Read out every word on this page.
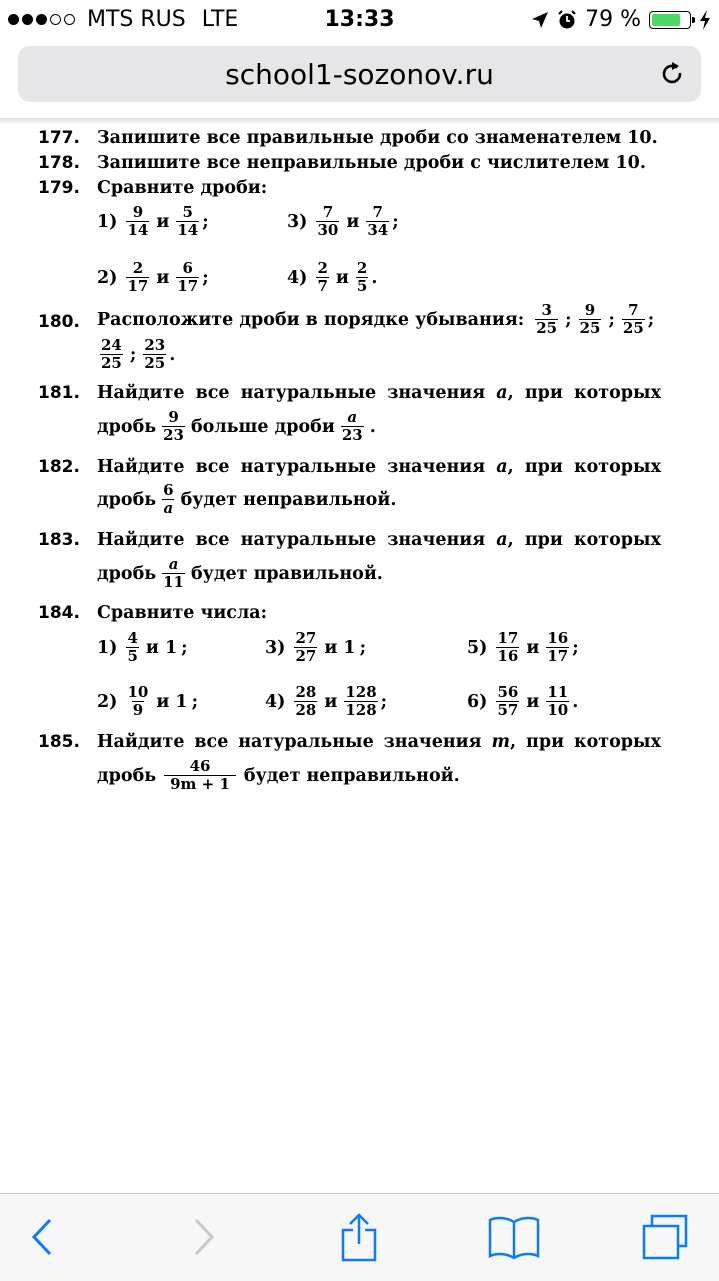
MTS RUS LTE	13:33	79 %
school1-sozonov.ru
177. Запишите все правильные дроби со знаменателем 10.
178. Запишите все неправильные дроби с числителем 10.
179. Сравните дроби:
$1) \frac{9}{14}$ и $\frac{5}{14}$ ;	$3) \frac{7}{30}$ и $\frac{7}{34}$ ;
$2) \frac{2}{17}$ и $\frac{6}{17}$ ;	$4) \frac{2}{7}$ и $\frac{2}{5}$ .
180. Расположите дроби в порядке убывания: $\frac{3}{25}$ ; $\frac{9}{25}$ ; $\frac{7}{25}$ ;
$\frac{24}{25}$ ; $\frac{23}{25}$ .
181. Найдите все натуральные значения a, при которых
дробь $\frac{9}{23}$ больше дроби $\frac{a}{23}$ .
182. Найдите все натуральные значения a, при которых
дробь $\frac{6}{a}$ будет неправильной.
183. Найдите все натуральные значения a, при которых
дробь $\frac{a}{11}$ будет правильной.
184. Сравните числа:
$1) \frac{4}{5}$ и 1 ;	$3) \frac{27}{27}$ и 1 ;	$5) \frac{17}{16}$ и $\frac{16}{17}$ ;
$2) \frac{10}{9}$ и 1 ;	$4) \frac{28}{28}$ и $\frac{128}{128}$ ;	$6) \frac{56}{57}$ и $\frac{11}{10}$ .
185. Найдите все натуральные значения m, при которых
дробь $\frac{46}{9m + 1}$ будет неправильной.
